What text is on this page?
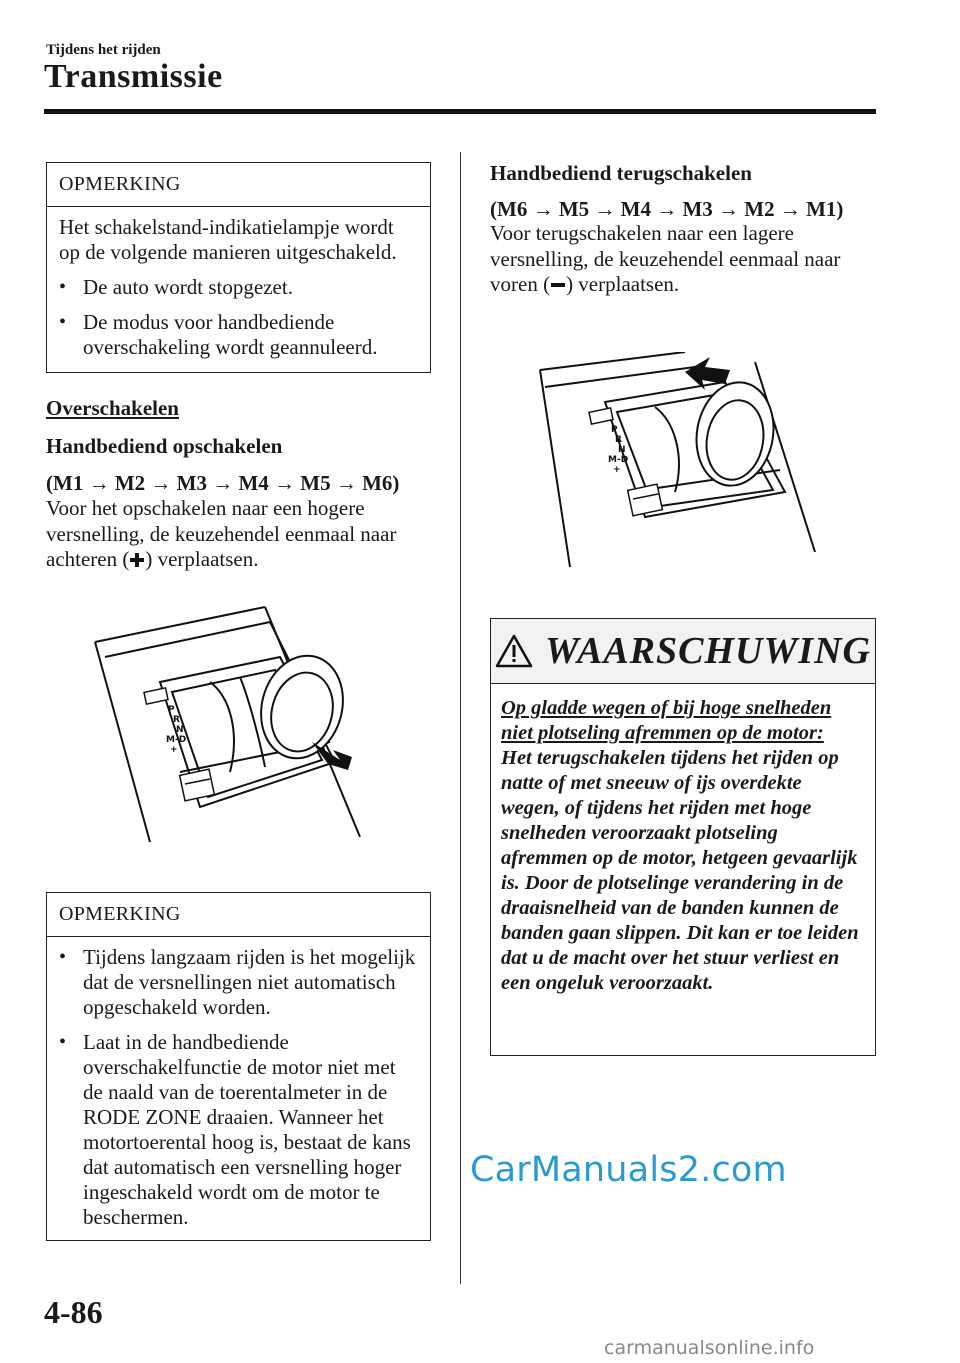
Tijdens het rijden
Transmissie
OPMERKING

Het schakelstand-indikatielampje wordt op de volgende manieren uitgeschakeld.

• De auto wordt stopgezet.
• De modus voor handbediende overschakeling wordt geannuleerd.
Overschakelen
Handbediend opschakelen
(M1 → M2 → M3 → M4 → M5 → M6)
Voor het opschakelen naar een hogere
versnelling, de keuzehendel eenmaal naar
achteren ( ) verplaatsen.
P
R
N
M-D
+
OPMERKING
• Tijdens langzaam rijden is het mogelijk dat de versnellingen niet automatisch opgeschakeld worden.
• Laat in de handbediende overschakelfunctie de motor niet met de naald van de toerentalmeter in de RODE ZONE draaien. Wanneer het motortoerental hoog is, bestaat de kans dat automatisch een versnelling hoger ingeschakeld wordt om de motor te beschermen.
Handbediend terugschakelen
(M6 → M5 → M4 → M3 → M2 → M1)
Voor terugschakelen naar een lagere
versnelling, de keuzehendel eenmaal naar
voren ( ) verplaatsen.
P
R
N
M-D
+
WAARSCHUWING
Op gladde wegen of bij hoge snelheden niet plotseling afremmen op de motor:
Het terugschakelen tijdens het rijden op natte of met sneeuw of ijs overdekte wegen, of tijdens het rijden met hoge snelheden veroorzaakt plotseling afremmen op de motor, hetgeen gevaarlijk is. Door de plotselinge verandering in de draaisnelheid van de banden kunnen de banden gaan slippen. Dit kan er toe leiden dat u de macht over het stuur verliest en een ongeluk veroorzaakt.
CarManuals2.com
4-86
carmanualsonline.info
